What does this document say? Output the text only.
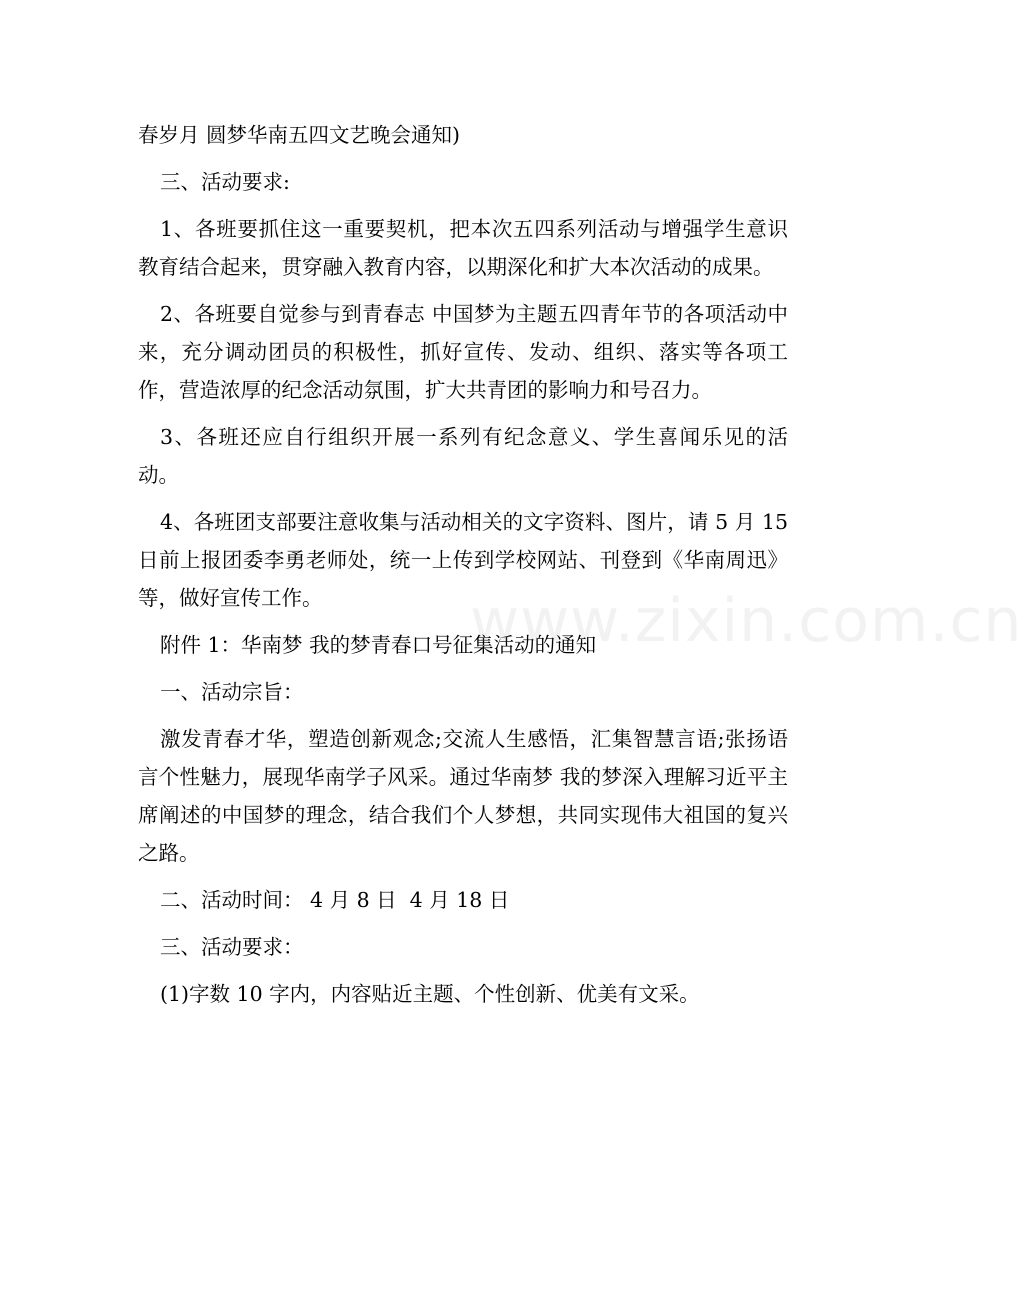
春岁月 圆梦华南五四文艺晚会通知)

三、活动要求:

1、各班要抓住这一重要契机，把本次五四系列活动与增强学生意识教育结合起来，贯穿融入教育内容，以期深化和扩大本次活动的成果。

2、各班要自觉参与到青春志 中国梦为主题五四青年节的各项活动中来，充分调动团员的积极性，抓好宣传、发动、组织、落实等各项工作，营造浓厚的纪念活动氛围，扩大共青团的影响力和号召力。

3、各班还应自行组织开展一系列有纪念意义、学生喜闻乐见的活动。

4、各班团支部要注意收集与活动相关的文字资料、图片，请 5 月 15 日前上报团委李勇老师处，统一上传到学校网站、刊登到《华南周迅》等，做好宣传工作。

附件 1：华南梦 我的梦青春口号征集活动的通知

一、活动宗旨：

激发青春才华，塑造创新观念;交流人生感悟，汇集智慧言语;张扬语言个性魅力，展现华南学子风采。通过华南梦 我的梦深入理解习近平主席阐述的中国梦的理念，结合我们个人梦想，共同实现伟大祖国的复兴之路。

二、活动时间： 4 月 8 日  4 月 18 日

三、活动要求：

(1)字数 10 字内，内容贴近主题、个性创新、优美有文采。

www.zixin.com.cn
